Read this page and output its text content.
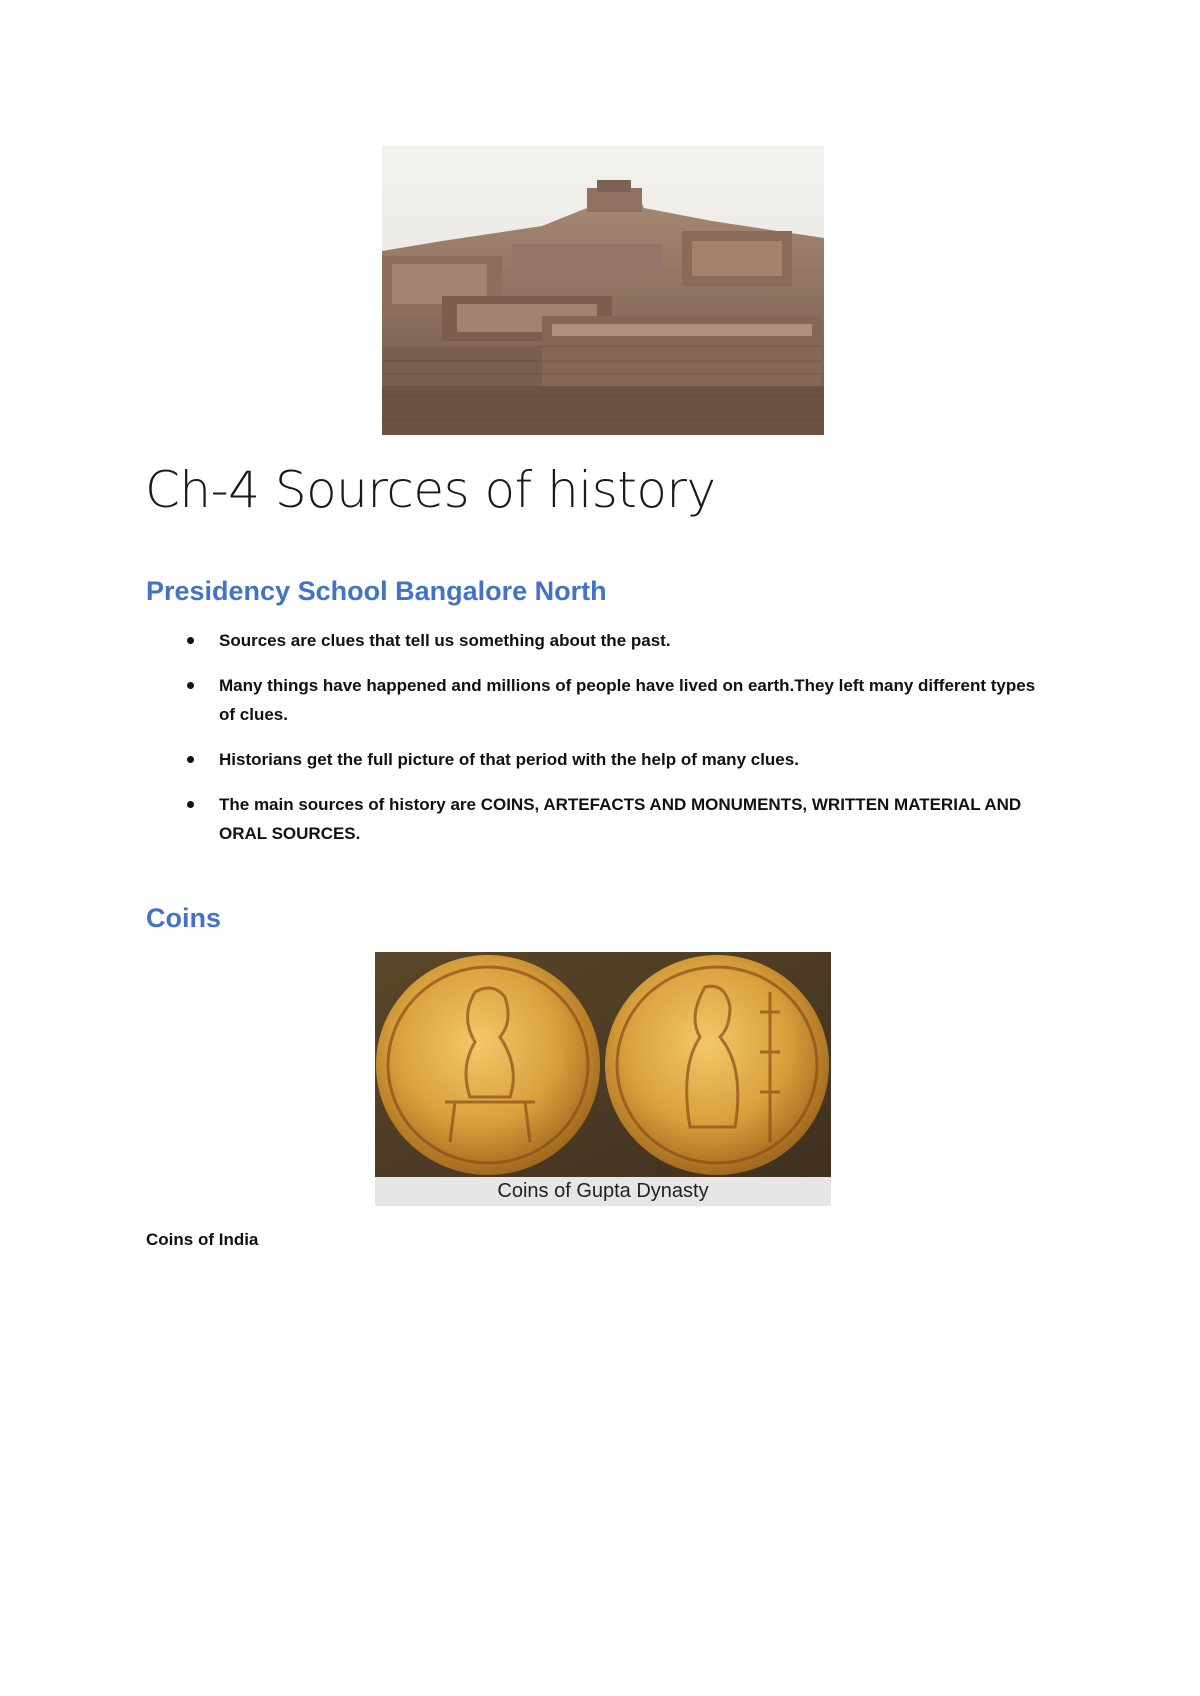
Ch-4 Sources of history
Presidency School Bangalore North
Sources are clues that tell us something about the past.
Many things have happened and millions of people have lived on earth.They left many different types of clues.
Historians get the full picture of that period with the help of many clues.
The main sources of history are COINS, ARTEFACTS AND MONUMENTS, WRITTEN MATERIAL AND ORAL SOURCES.
Coins
Coins of Gupta Dynasty
Coins of India
